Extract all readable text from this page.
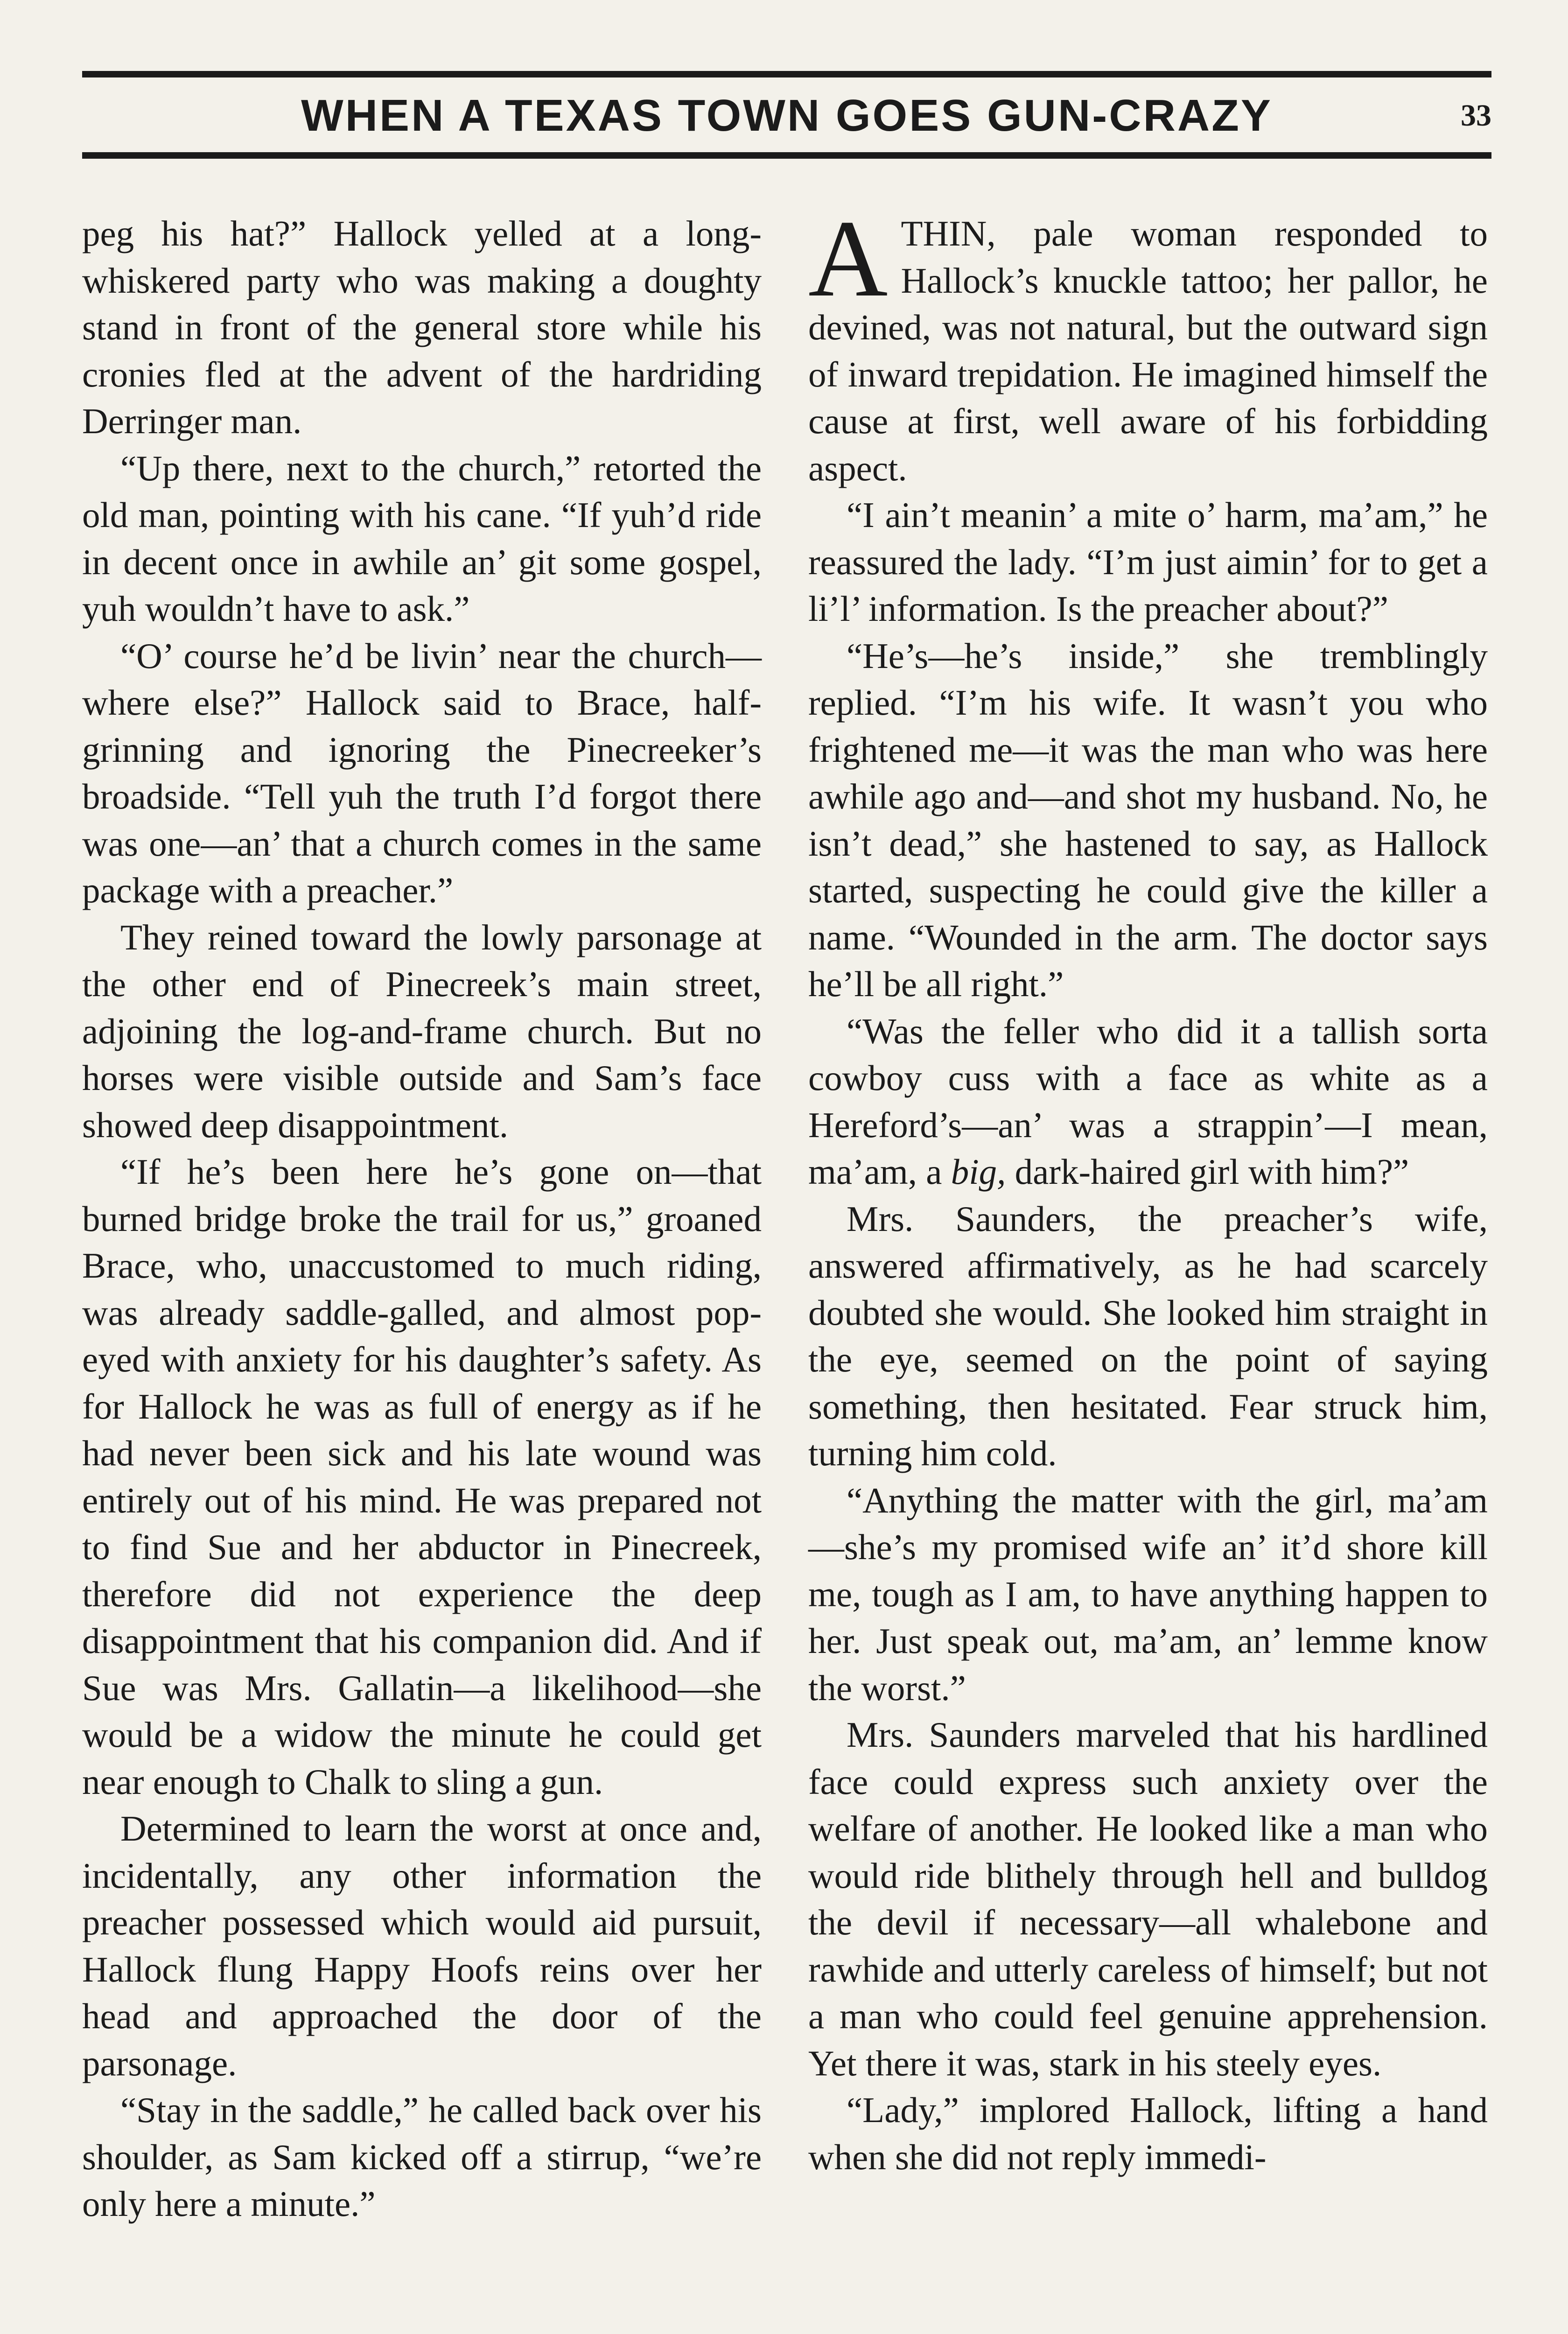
WHEN A TEXAS TOWN GOES GUN-CRAZY	33

peg his hat?” Hallock yelled at a long-whiskered party who was making a doughty stand in front of the general store while his cronies fled at the advent of the hardriding Derringer man.

“Up there, next to the church,” retorted the old man, pointing with his cane. “If yuh’d ride in decent once in awhile an’ git some gospel, yuh wouldn’t have to ask.”

“O’ course he’d be livin’ near the church—where else?” Hallock said to Brace, half-grinning and ignoring the Pinecreeker’s broadside. “Tell yuh the truth I’d forgot there was one—an’ that a church comes in the same package with a preacher.”

They reined toward the lowly parsonage at the other end of Pinecreek’s main street, adjoining the log-and-frame church. But no horses were visible outside and Sam’s face showed deep disappointment.

“If he’s been here he’s gone on—that burned bridge broke the trail for us,” groaned Brace, who, unaccustomed to much riding, was already saddle-galled, and almost pop-eyed with anxiety for his daughter’s safety. As for Hallock he was as full of energy as if he had never been sick and his late wound was entirely out of his mind. He was prepared not to find Sue and her abductor in Pinecreek, therefore did not experience the deep disappointment that his companion did. And if Sue was Mrs. Gallatin—a likelihood—she would be a widow the minute he could get near enough to Chalk to sling a gun.

Determined to learn the worst at once and, incidentally, any other information the preacher possessed which would aid pursuit, Hallock flung Happy Hoofs reins over her head and approached the door of the parsonage.

“Stay in the saddle,” he called back over his shoulder, as Sam kicked off a stirrup, “we’re only here a minute.”

ATHIN, pale woman responded to Hallock’s knuckle tattoo; her pallor, he devined, was not natural, but the outward sign of inward trepidation. He imagined himself the cause at first, well aware of his forbidding aspect.

“I ain’t meanin’ a mite o’ harm, ma’am,” he reassured the lady. “I’m just aimin’ for to get a li’l’ information. Is the preacher about?”

“He’s—he’s inside,” she tremblingly replied. “I’m his wife. It wasn’t you who frightened me—it was the man who was here awhile ago and—and shot my husband. No, he isn’t dead,” she hastened to say, as Hallock started, suspecting he could give the killer a name. “Wounded in the arm. The doctor says he’ll be all right.”

“Was the feller who did it a tallish sorta cowboy cuss with a face as white as a Hereford’s—an’ was a strappin’—I mean, ma’am, a big, dark-haired girl with him?”

Mrs. Saunders, the preacher’s wife, answered affirmatively, as he had scarcely doubted she would. She looked him straight in the eye, seemed on the point of saying something, then hesitated. Fear struck him, turning him cold.

“Anything the matter with the girl, ma’am—she’s my promised wife an’ it’d shore kill me, tough as I am, to have anything happen to her. Just speak out, ma’am, an’ lemme know the worst.”

Mrs. Saunders marveled that his hardlined face could express such anxiety over the welfare of another. He looked like a man who would ride blithely through hell and bulldog the devil if necessary—all whalebone and rawhide and utterly careless of himself; but not a man who could feel genuine apprehension. Yet there it was, stark in his steely eyes.

“Lady,” implored Hallock, lifting a hand when she did not reply immedi-
